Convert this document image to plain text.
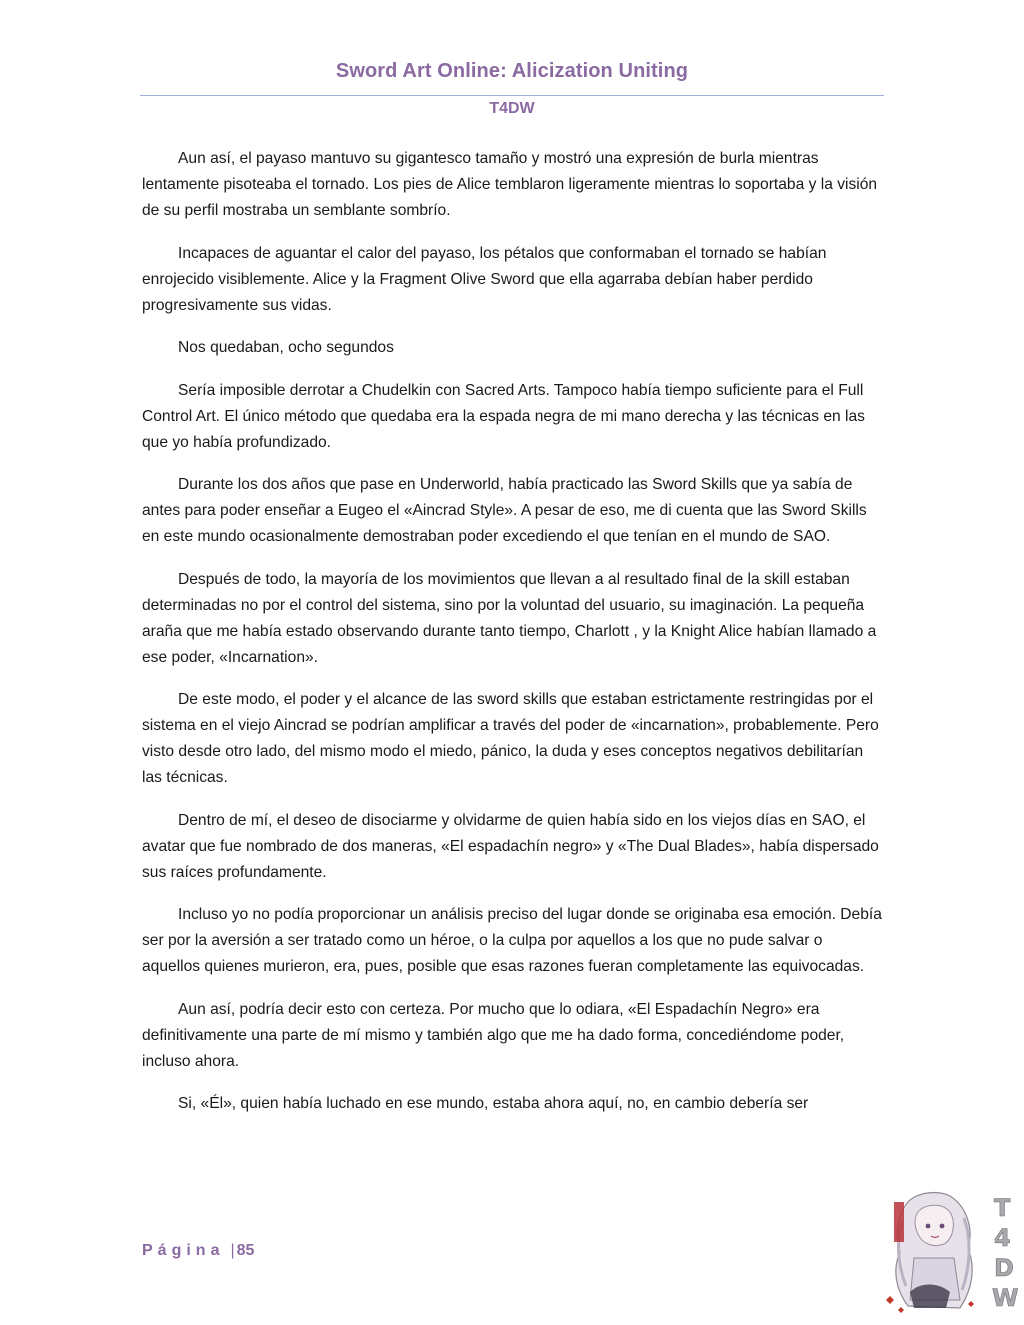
Sword Art Online: Alicization Uniting
T4DW

Aun así, el payaso mantuvo su gigantesco tamaño y mostró una expresión de burla mientras lentamente pisoteaba el tornado. Los pies de Alice temblaron ligeramente mientras lo soportaba y la visión de su perfil mostraba un semblante sombrío.

Incapaces de aguantar el calor del payaso, los pétalos que conformaban el tornado se habían enrojecido visiblemente. Alice y la Fragment Olive Sword que ella agarraba debían haber perdido progresivamente sus vidas.

Nos quedaban, ocho segundos

Sería imposible derrotar a Chudelkin con Sacred Arts. Tampoco había tiempo suficiente para el Full Control Art. El único método que quedaba era la espada negra de mi mano derecha y las técnicas en las que yo había profundizado.

Durante los dos años que pase en Underworld, había practicado las Sword Skills que ya sabía de antes para poder enseñar a Eugeo el «Aincrad Style». A pesar de eso, me di cuenta que las Sword Skills en este mundo ocasionalmente demostraban poder excediendo el que tenían en el mundo de SAO.

Después de todo, la mayoría de los movimientos que llevan a al resultado final de la skill estaban determinadas no por el control del sistema, sino por la voluntad del usuario, su imaginación. La pequeña araña que me había estado observando durante tanto tiempo, Charlott , y la Knight Alice habían llamado a ese poder, «Incarnation».

De este modo, el poder y el alcance de las sword skills que estaban estrictamente restringidas por el sistema en el viejo Aincrad se podrían amplificar a través del poder de «incarnation», probablemente. Pero visto desde otro lado, del mismo modo el miedo, pánico, la duda y eses conceptos negativos debilitarían las técnicas.

Dentro de mí, el deseo de disociarme y olvidarme de quien había sido en los viejos días en SAO, el avatar que fue nombrado de dos maneras, «El espadachín negro» y «The Dual Blades», había dispersado sus raíces profundamente.

Incluso yo no podía proporcionar un análisis preciso del lugar donde se originaba esa emoción. Debía ser por la aversión a ser tratado como un héroe, o la culpa por aquellos a los que no pude salvar o aquellos quienes murieron, era, pues, posible que esas razones fueran completamente las equivocadas.

Aun así, podría decir esto con certeza. Por mucho que lo odiara, «El Espadachín Negro» era definitivamente una parte de mí mismo y también algo que me ha dado forma, concediéndome poder, incluso ahora.

Si, «Él», quien había luchado en ese mundo, estaba ahora aquí, no, en cambio debería ser

Página | 85
T
4
D
W
